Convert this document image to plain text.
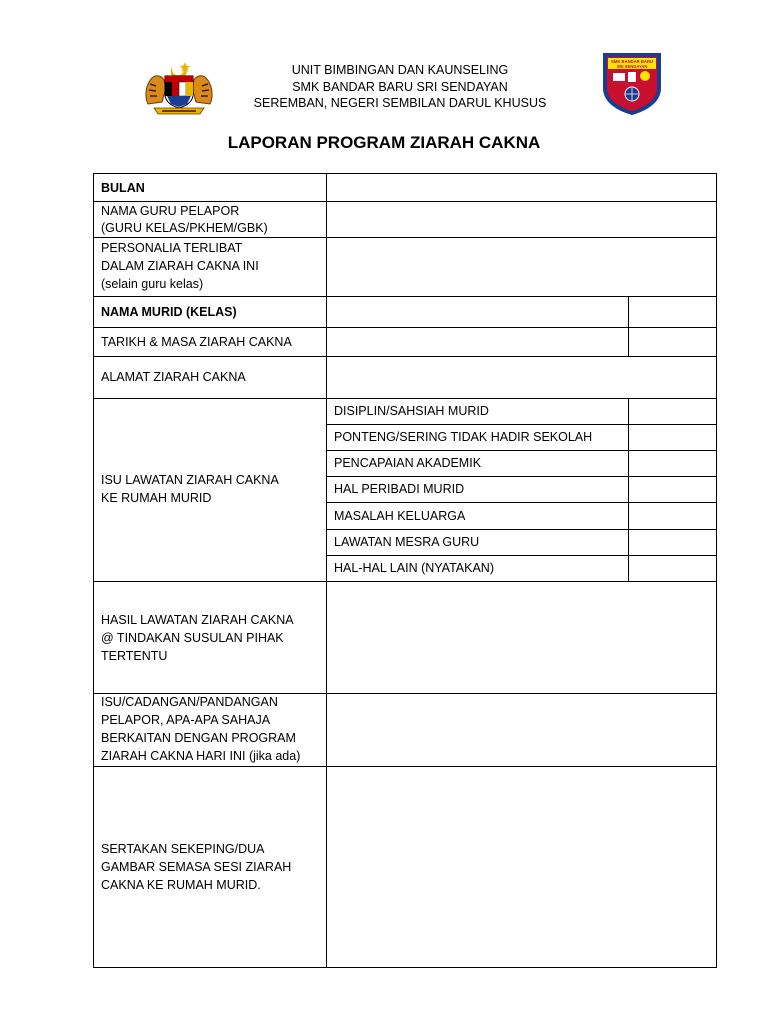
SMK BANDAR BARU
SRI SENDAYAN
UNIT BIMBINGAN DAN KAUNSELING
SMK BANDAR BARU SRI SENDAYAN
SEREMBAN, NEGERI SEMBILAN DARUL KHUSUS
LAPORAN PROGRAM ZIARAH CAKNA
BULAN
NAMA GURU PELAPOR
(GURU KELAS/PKHEM/GBK)
PERSONALIA TERLIBAT
DALAM ZIARAH CAKNA INI
(selain guru kelas)
NAMA MURID (KELAS)
TARIKH & MASA ZIARAH CAKNA
ALAMAT ZIARAH CAKNA
ISU LAWATAN ZIARAH CAKNA
KE RUMAH MURID
HASIL LAWATAN ZIARAH CAKNA
@ TINDAKAN SUSULAN PIHAK
TERTENTU
ISU/CADANGAN/PANDANGAN
PELAPOR, APA-APA SAHAJA
BERKAITAN DENGAN PROGRAM
ZIARAH CAKNA HARI INI (jika ada)
SERTAKAN SEKEPING/DUA
GAMBAR SEMASA SESI ZIARAH
CAKNA KE RUMAH MURID.
DISIPLIN/SAHSIAH MURID
PONTENG/SERING TIDAK HADIR SEKOLAH
PENCAPAIAN AKADEMIK
HAL PERIBADI MURID
MASALAH KELUARGA
LAWATAN MESRA GURU
HAL-HAL LAIN (NYATAKAN)
